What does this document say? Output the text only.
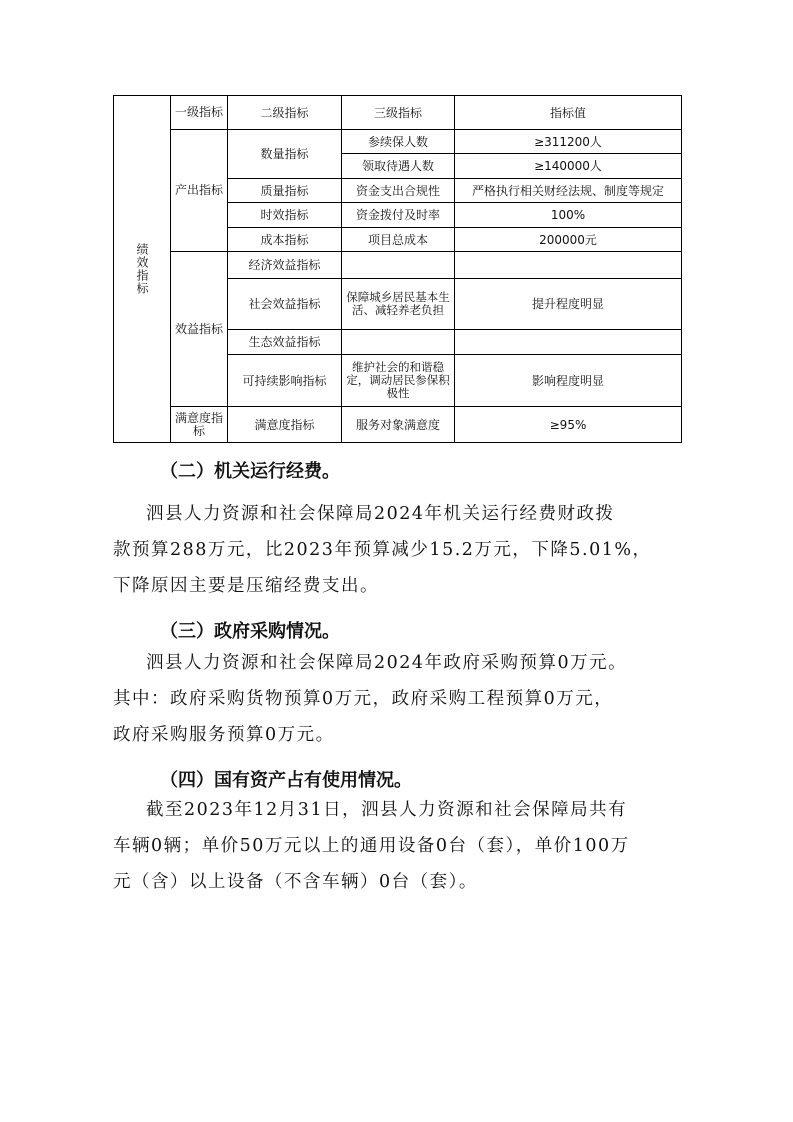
绩效指标	一级指标	二级指标	三级指标	指标值
	产出指标	数量指标	参续保人数	≥311200人
			领取待遇人数	≥140000人
		质量指标	资金支出合规性	严格执行相关财经法规、制度等规定
		时效指标	资金拨付及时率	100%
		成本指标	项目总成本	200000元
	效益指标	经济效益指标		
		社会效益指标	保障城乡居民基本生活、减轻养老负担	提升程度明显
		生态效益指标		
		可持续影响指标	维护社会的和谐稳定，调动居民参保积极性	影响程度明显
	满意度指标	满意度指标	服务对象满意度	≥95%
（二）机关运行经费。
泗县人力资源和社会保障局2024年机关运行经费财政拨
款预算288万元，比2023年预算减少15.2万元，下降5.01%，
下降原因主要是压缩经费支出。
（三）政府采购情况。
泗县人力资源和社会保障局2024年政府采购预算0万元。
其中：政府采购货物预算0万元，政府采购工程预算0万元，
政府采购服务预算0万元。
（四）国有资产占有使用情况。
截至2023年12月31日，泗县人力资源和社会保障局共有
车辆0辆；单价50万元以上的通用设备0台（套），单价100万
元（含）以上设备（不含车辆）0台（套）。
